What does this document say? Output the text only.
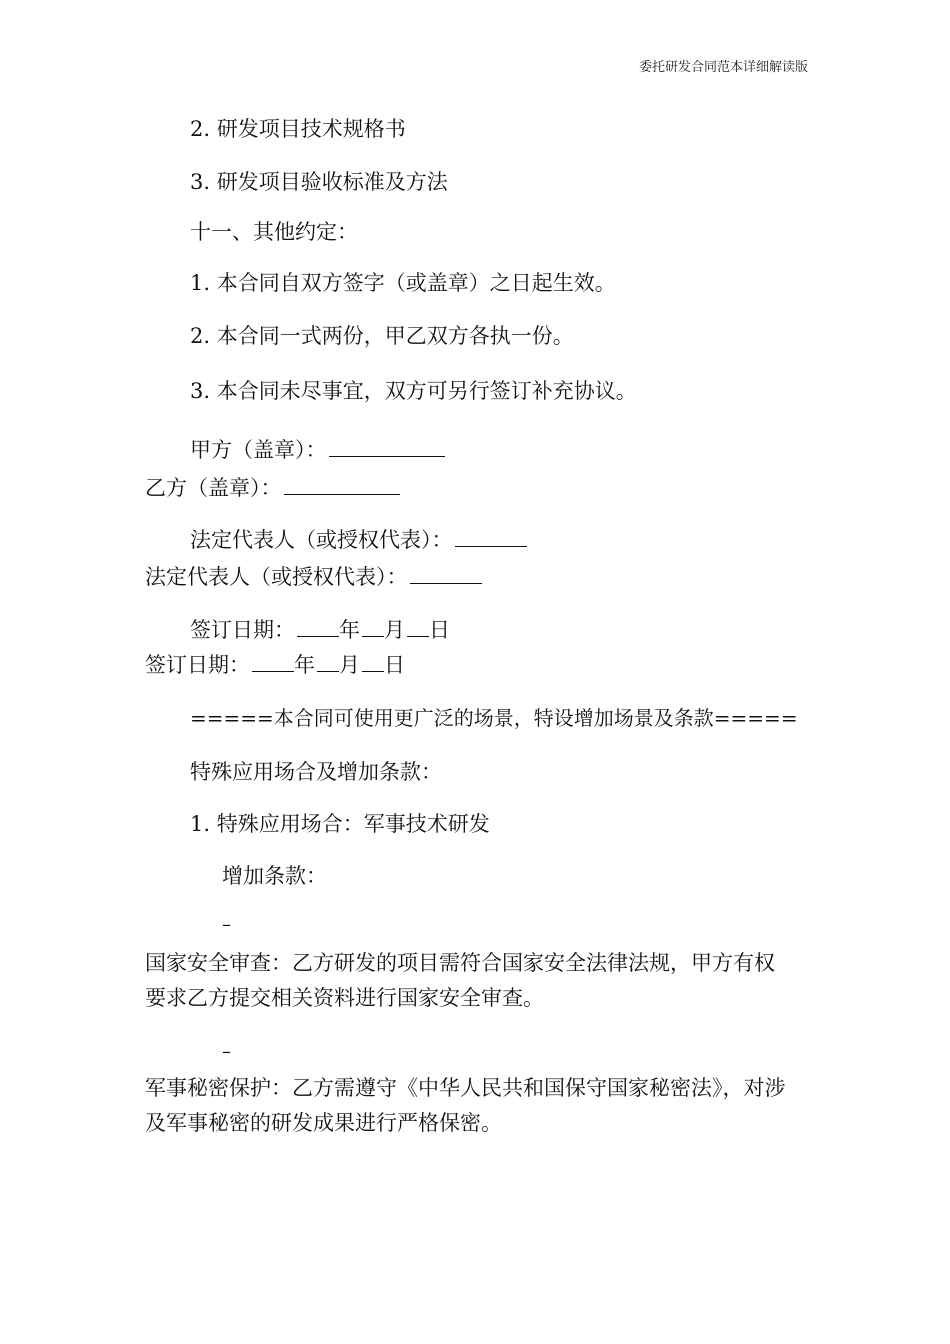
委托研发合同范本详细解读版
2. 研发项目技术规格书
3. 研发项目验收标准及方法
十一、其他约定：
1. 本合同自双方签字（或盖章）之日起生效。
2. 本合同一式两份，甲乙双方各执一份。
3. 本合同未尽事宜，双方可另行签订补充协议。
甲方（盖章）：
乙方（盖章）：
法定代表人（或授权代表）：
法定代表人（或授权代表）：
签订日期： 年 月 日
签订日期： 年 月 日
=====本合同可使用更广泛的场景，特设增加场景及条款=====
特殊应用场合及增加条款：
1. 特殊应用场合：军事技术研发
增加条款：
–
国家安全审查：乙方研发的项目需符合国家安全法律法规，甲方有权要求乙方提交相关资料进行国家安全审查。
–
军事秘密保护：乙方需遵守《中华人民共和国保守国家秘密法》，对涉及军事秘密的研发成果进行严格保密。
